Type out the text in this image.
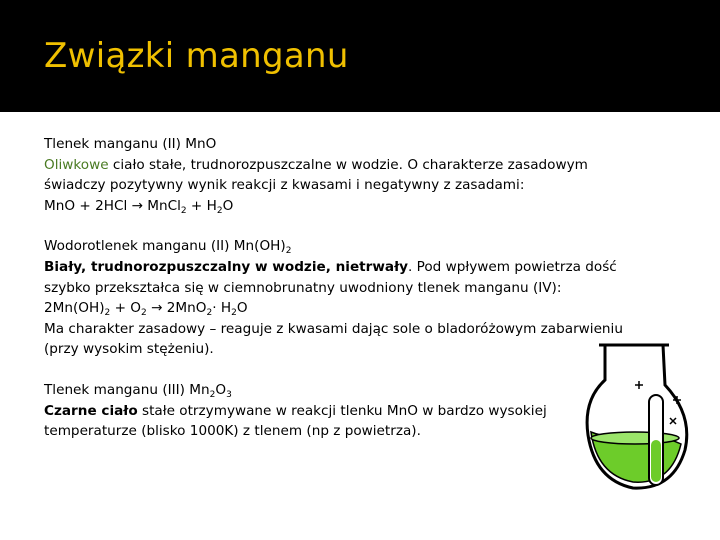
Związki manganu

Tlenek manganu (II) MnO

Oliwkowe ciało stałe, trudnorozpuszczalne w wodzie. O charakterze zasadowym świadczy pozytywny wynik reakcji z kwasami i negatywny z zasadami:

MnO + 2HCl → MnCl$_2$ + $H_2O$

Wodorotlenek manganu (II) $Mn(OH)_2$

Biały, trudnorozpuszczalny w wodzie, nietrwały. Pod wpływem powietrza dość szybko przekształca się w ciemnobrunatny uwodniony tlenek manganu (IV):

$2Mn(OH)_2 + O_2 \to 2MnO_2\cdot H_2O$

Ma charakter zasadowy – reaguje z kwasami dając sole o bladoróżowym zabarwieniu (przy wysokim stężeniu).

Tlenek manganu (III) $Mn_2O_3$

Czarne ciało stałe otrzymywane w reakcji tlenku MnO w bardzo wysokiej temperaturze (blisko 1000K) z tlenem (np z powietrza).
